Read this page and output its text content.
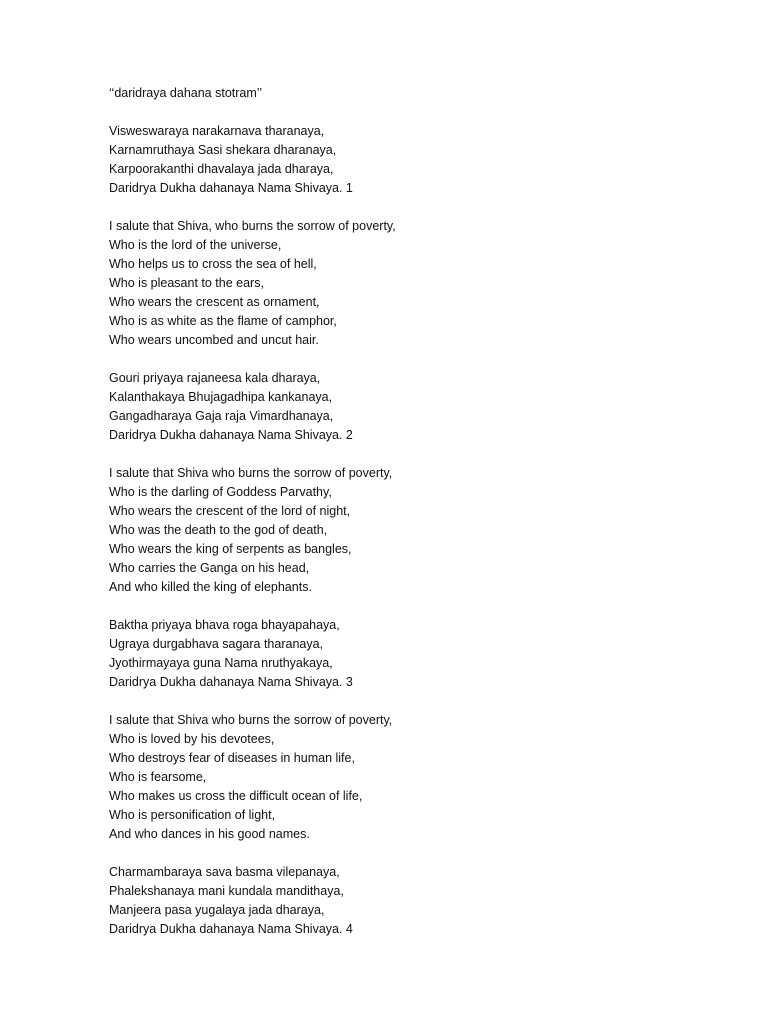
‘‘daridraya dahana stotram’’
Visweswaraya narakarnava tharanaya,
Karnamruthaya Sasi shekara dharanaya,
Karpoorakanthi dhavalaya jada dharaya,
Daridrya Dukha dahanaya Nama Shivaya. 1
I salute that Shiva, who burns the sorrow of poverty,
Who is the lord of the universe,
Who helps us to cross the sea of hell,
Who is pleasant to the ears,
Who wears the crescent as ornament,
Who is as white as the flame of camphor,
Who wears uncombed and uncut hair.
Gouri priyaya rajaneesa kala dharaya,
Kalanthakaya Bhujagadhipa kankanaya,
Gangadharaya Gaja raja Vimardhanaya,
Daridrya Dukha dahanaya Nama Shivaya. 2
I salute that Shiva who burns the sorrow of poverty,
Who is the darling of Goddess Parvathy,
Who wears the crescent of the lord of night,
Who was the death to the god of death,
Who wears the king of serpents as bangles,
Who carries the Ganga on his head,
And who killed the king of elephants.
Baktha priyaya bhava roga bhayapahaya,
Ugraya durgabhava sagara tharanaya,
Jyothirmayaya guna Nama nruthyakaya,
Daridrya Dukha dahanaya Nama Shivaya. 3
I salute that Shiva who burns the sorrow of poverty,
Who is loved by his devotees,
Who destroys fear of diseases in human life,
Who is fearsome,
Who makes us cross the difficult ocean of life,
Who is personification of light,
And who dances in his good names.
Charmambaraya sava basma vilepanaya,
Phalekshanaya mani kundala mandithaya,
Manjeera pasa yugalaya jada dharaya,
Daridrya Dukha dahanaya Nama Shivaya. 4
